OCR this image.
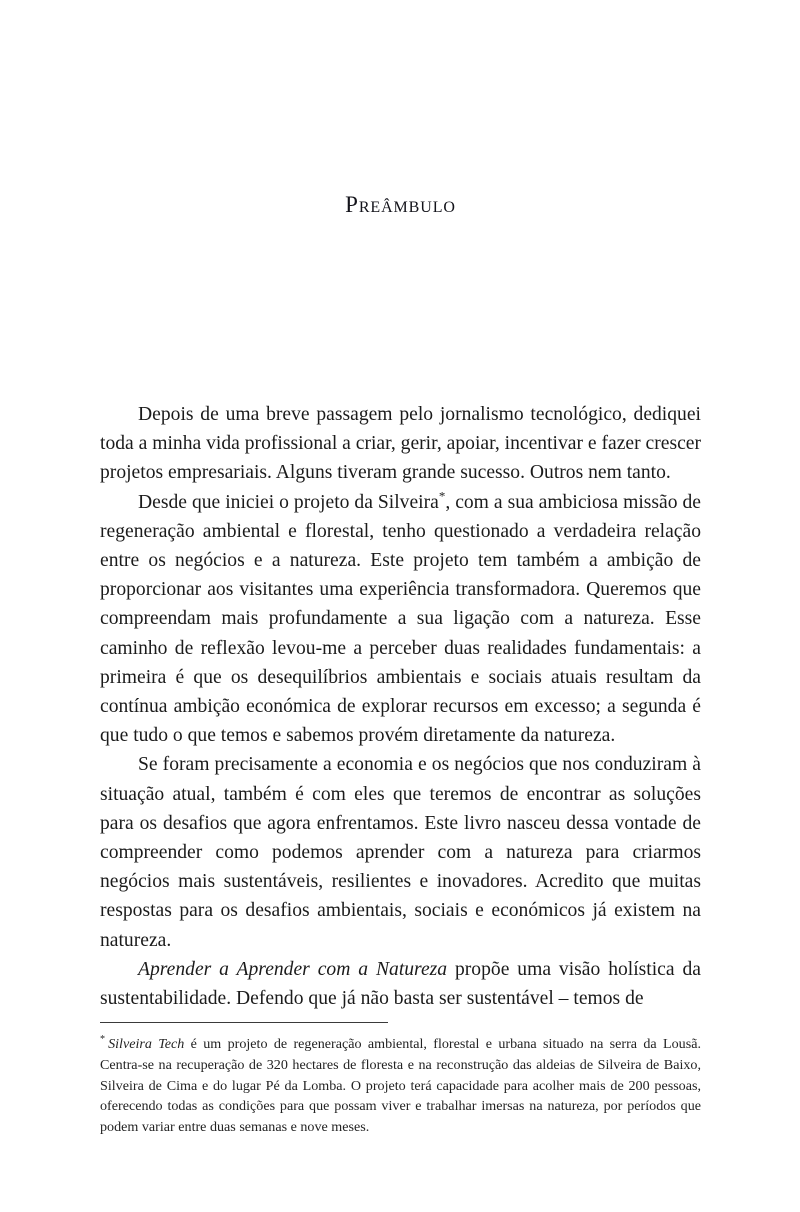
Preâmbulo

Depois de uma breve passagem pelo jornalismo tecnológico, dediquei toda a minha vida profissional a criar, gerir, apoiar, incentivar e fazer crescer projetos empresariais. Alguns tiveram grande sucesso. Outros nem tanto.

Desde que iniciei o projeto da Silveira*, com a sua ambiciosa missão de regeneração ambiental e florestal, tenho questionado a verdadeira relação entre os negócios e a natureza. Este projeto tem também a ambição de proporcionar aos visitantes uma experiência transformadora. Queremos que compreendam mais profundamente a sua ligação com a natureza. Esse caminho de reflexão levou-me a perceber duas realidades fundamentais: a primeira é que os desequilíbrios ambientais e sociais atuais resultam da contínua ambição económica de explorar recursos em excesso; a segunda é que tudo o que temos e sabemos provém diretamente da natureza.

Se foram precisamente a economia e os negócios que nos conduziram à situação atual, também é com eles que teremos de encontrar as soluções para os desafios que agora enfrentamos. Este livro nasceu dessa vontade de compreender como podemos aprender com a natureza para criarmos negócios mais sustentáveis, resilientes e inovadores. Acredito que muitas respostas para os desafios ambientais, sociais e económicos já existem na natureza.

Aprender a Aprender com a Natureza propõe uma visão holística da sustentabilidade. Defendo que já não basta ser sustentável – temos de

* Silveira Tech é um projeto de regeneração ambiental, florestal e urbana situado na serra da Lousã. Centra-se na recuperação de 320 hectares de floresta e na reconstrução das aldeias de Silveira de Baixo, Silveira de Cima e do lugar Pé da Lomba. O projeto terá capacidade para acolher mais de 200 pessoas, oferecendo todas as condições para que possam viver e trabalhar imersas na natureza, por períodos que podem variar entre duas semanas e nove meses.
